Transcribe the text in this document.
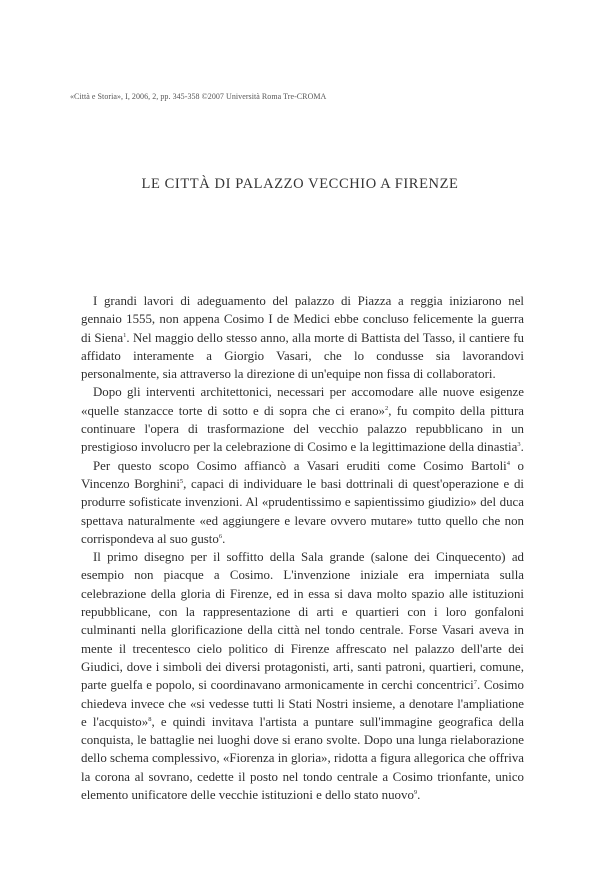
«Città e Storia», I, 2006, 2, pp. 345-358 ©2007 Università Roma Tre-CROMA
LE CITTÀ DI PALAZZO VECCHIO A FIRENZE

I grandi lavori di adeguamento del palazzo di Piazza a reggia iniziarono nel gennaio 1555, non appena Cosimo I de Medici ebbe concluso felicemente la guerra di Siena$^1$. Nel maggio dello stesso anno, alla morte di Battista del Tasso, il cantiere fu affidato interamente a Giorgio Vasari, che lo condusse sia lavorandovi personalmente, sia attraverso la direzione di un'equipe non fissa di collaboratori.

Dopo gli interventi architettonici, necessari per accomodare alle nuove esigenze «quelle stanzacce torte di sotto e di sopra che ci erano»$^2$, fu compito della pittura continuare l'opera di trasformazione del vecchio palazzo repubblicano in un prestigioso involucro per la celebrazione di Cosimo e la legittimazione della dinastia$^3$.

Per questo scopo Cosimo affiancò a Vasari eruditi come Cosimo Bartoli$^4$ o Vincenzo Borghini$^5$, capaci di individuare le basi dottrinali di quest'operazione e di produrre sofisticate invenzioni. Al «prudentissimo e sapientissimo giudizio» del duca spettava naturalmente «ed aggiungere e levare ovvero mutare» tutto quello che non corrispondeva al suo gusto$^6$.

Il primo disegno per il soffitto della Sala grande (salone dei Cinquecento) ad esempio non piacque a Cosimo. L'invenzione iniziale era imperniata sulla celebrazione della gloria di Firenze, ed in essa si dava molto spazio alle istituzioni repubblicane, con la rappresentazione di arti e quartieri con i loro gonfaloni culminanti nella glorificazione della città nel tondo centrale. Forse Vasari aveva in mente il trecentesco cielo politico di Firenze affrescato nel palazzo dell'arte dei Giudici, dove i simboli dei diversi protagonisti, arti, santi patroni, quartieri, comune, parte guelfa e popolo, si coordinavano armonicamente in cerchi concentrici$^7$. Cosimo chiedeva invece che «si vedesse tutti li Stati Nostri insieme, a denotare l'ampliatione e l'acquisto»$^8$, e quindi invitava l'artista a puntare sull'immagine geografica della conquista, le battaglie nei luoghi dove si erano svolte. Dopo una lunga rielaborazione dello schema complessivo, «Fiorenza in gloria», ridotta a figura allegorica che offriva la corona al sovrano, cedette il posto nel tondo centrale a Cosimo trionfante, unico elemento unificatore delle vecchie istituzioni e dello stato nuovo$^9$.
